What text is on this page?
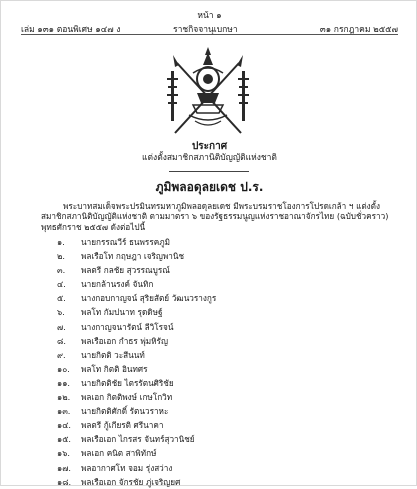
หน้า ๑
เล่ม ๑๓๑ ตอนพิเศษ ๑๔๗ ง	ราชกิจจานุเบกษา	๓๑ กรกฎาคม ๒๕๕๗
ประกาศ
แต่งตั้งสมาชิกสภานิติบัญญัติแห่งชาติ
ภูมิพลอดุลยเดช ป.ร.
พระบาทสมเด็จพระปรมินทรมหาภูมิพลอดุลยเดช มีพระบรมราชโองการโปรดเกล้า ฯ แต่งตั้ง
สมาชิกสภานิติบัญญัติแห่งชาติ ตามมาตรา ๖ ของรัฐธรรมนูญแห่งราชอาณาจักรไทย (ฉบับชั่วคราว)
พุทธศักราช ๒๕๕๗ ดังต่อไปนี้
๑. นายกรรณวีร์ ธนพรรคภูมิ
๒. พลเรือโท กฤษฎา เจริญพานิช
๓. พลตรี กลชัย สุวรรณบูรณ์
๔. นายกล้านรงค์ จันทิก
๕. นางกอบกาญจน์ สุริยสัตย์ วัฒนวรางกูร
๖. พลโท กัมปนาท รุดดิษฐ์
๗. นางกาญจนารัตน์ ลีวิโรจน์
๘. พลเรือเอก กำธร พุ่มหิรัญ
๙. นายกิตติ วะสีนนท์
๑๐. พลโท กิตติ อินทศร
๑๑. นายกิตติชัย ไตรรัตนศิริชัย
๑๒. พลเอก กิตติพงษ์ เกษโกวิท
๑๓. นายกิตติศักดิ์ รัตนวราหะ
๑๔. พลตรี กู้เกียรติ ศรีนาคา
๑๕. พลเรือเอก ไกรสร จันทร์สุวานิชย์
๑๖. พลเอก คนิต สาพิทักษ์
๑๗. พลอากาศโท จอม รุ่งสว่าง
๑๘. พลเรือเอก จักรชัย ภู่เจริญยศ
